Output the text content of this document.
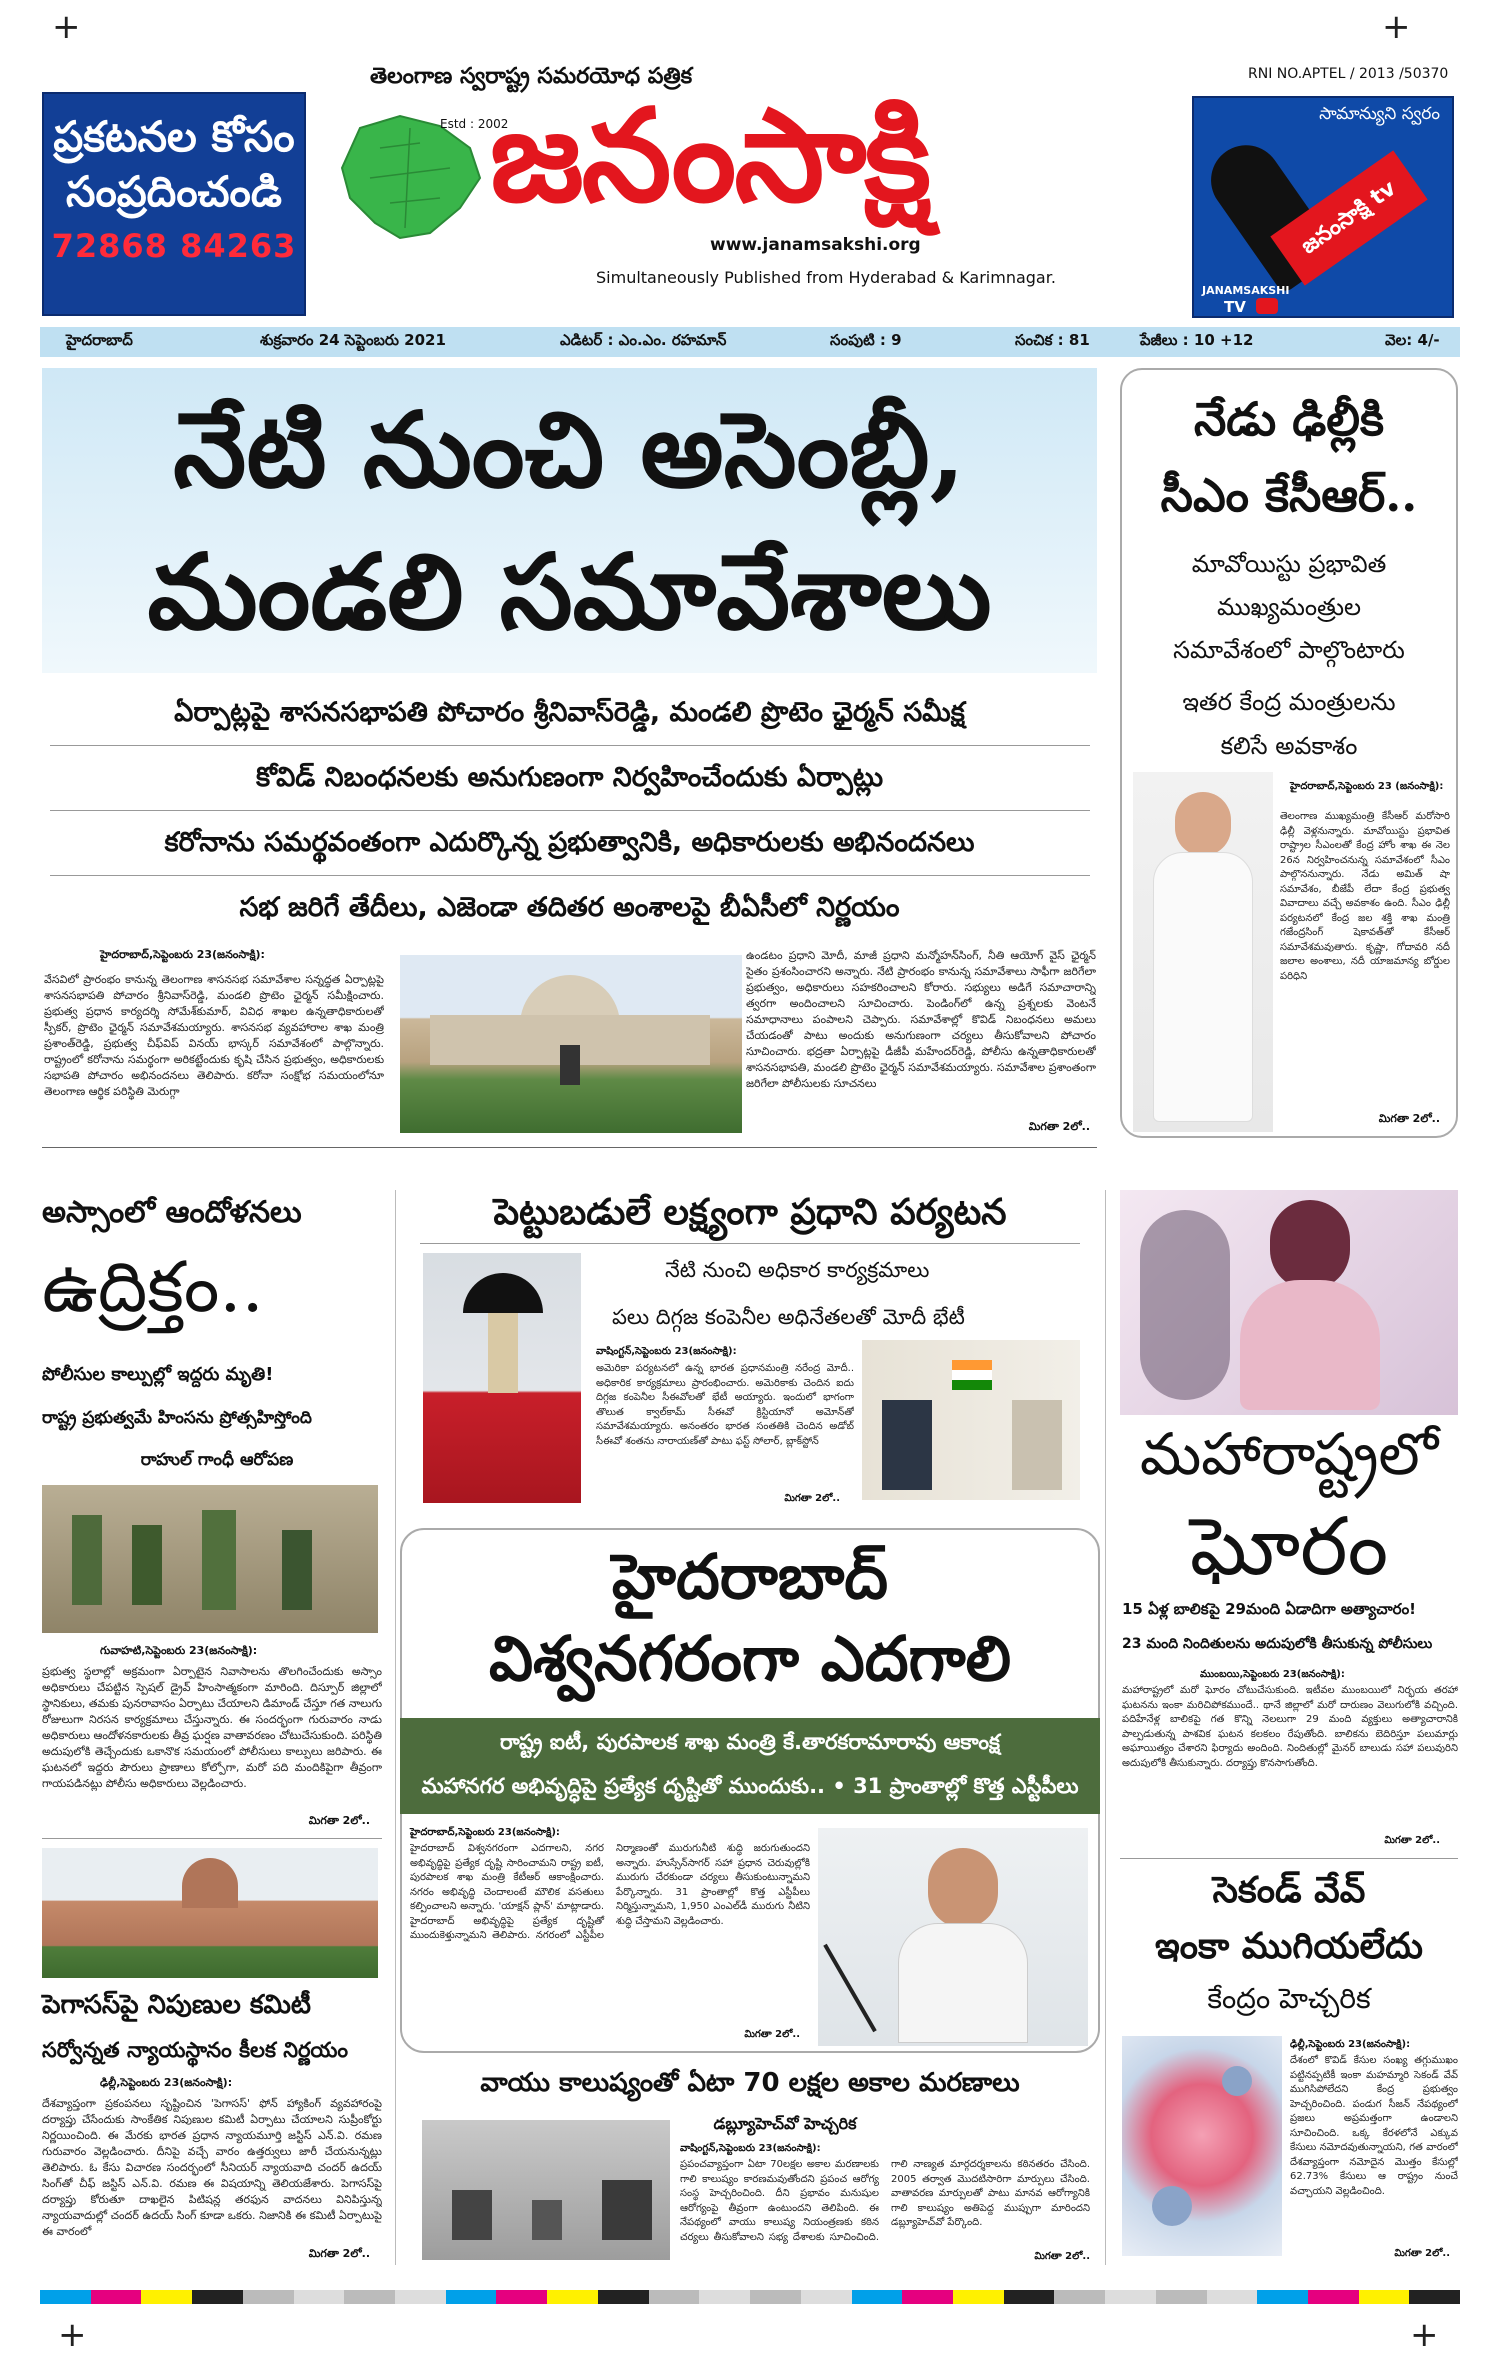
+	+
+	+
ప్రకటనల కోసం
సంప్రదించండి
72868 84263
తెలంగాణ స్వరాష్ట్ర సమరయోధ పత్రిక
Estd : 2002
జనంసాక్షి
www.janamsakshi.org
Simultaneously Published from Hyderabad & Karimnagar.
RNI NO.APTEL / 2013 /50370
సామాన్యుని స్వరం
జనంసాక్షి tv
JANAMSAKSHI
TV
హైదరాబాద్	శుక్రవారం 24 సెప్టెంబరు 2021	ఎడిటర్ : ఎం.ఎం. రహమాన్	సంపుటి : 9	సంచిక : 81	పేజీలు : 10 +12	వెల: 4/-
నేటి నుంచి అసెంబ్లీ,
మండలి సమావేశాలు
ఏర్పాట్లపై శాసనసభాపతి పోచారం శ్రీనివాస్‌రెడ్డి, మండలి ప్రొటెం ఛైర్మన్ సమీక్ష
కోవిడ్ నిబంధనలకు అనుగుణంగా నిర్వహించేందుకు ఏర్పాట్లు
కరోనాను సమర్థవంతంగా ఎదుర్కొన్న ప్రభుత్వానికి, అధికారులకు అభినందనలు
సభ జరిగే తేదీలు, ఎజెండా తదితర అంశాలపై బీఏసీలో నిర్ణయం
హైదరాబాద్,సెప్టెంబరు 23(జనంసాక్షి):
వేసవిలో ప్రారంభం కానున్న తెలంగాణ శాసనసభ సమావేశాల సన్నద్ధత ఏర్పాట్లపై శాసనసభాపతి పోచారం శ్రీనివాస్‌రెడ్డి, మండలి ప్రొటెం ఛైర్మన్ సమీక్షించారు. ప్రభుత్వ ప్రధాన కార్యదర్శి సోమేశ్‌కుమార్, వివిధ శాఖల ఉన్నతాధికారులతో స్పీకర్, ప్రొటెం ఛైర్మన్ సమావేశమయ్యారు. శాసనసభ వ్యవహారాల శాఖ మంత్రి ప్రశాంత్‌రెడ్డి, ప్రభుత్వ చీఫ్‌విప్ వినయ్ భాస్కర్ సమావేశంలో పాల్గొన్నారు. రాష్ట్రంలో కరోనాను సమర్థంగా అరికట్టేందుకు కృషి చేసిన ప్రభుత్వం, అధికారులకు సభాపతి పోచారం అభినందనలు తెలిపారు. కరోనా సంక్షోభ సమయంలోనూ తెలంగాణ ఆర్థిక పరిస్థితి మెరుగ్గా
ఉండటం ప్రధాని మోదీ, మాజీ ప్రధాని మన్మోహన్‌సింగ్, నీతి ఆయోగ్ వైస్ ఛైర్మన్ సైతం ప్రశంసించారని అన్నారు. నేటి ప్రారంభం కానున్న సమావేశాలు సాఫీగా జరిగేలా ప్రభుత్వం, అధికారులు సహకరించాలని కోరారు. సభ్యులు అడిగే సమాచారాన్ని త్వరగా అందించాలని సూచించారు. పెండింగ్‌లో ఉన్న ప్రశ్నలకు వెంటనే సమాధానాలు పంపాలని చెప్పారు. సమావేశాల్లో కొవిడ్ నిబంధనలు అమలు చేయడంతో పాటు అందుకు అనుగుణంగా చర్యలు తీసుకోవాలని పోచారం సూచించారు. భద్రతా ఏర్పాట్లపై డీజీపీ మహేందర్‌రెడ్డి, పోలీసు ఉన్నతాధికారులతో శాసనసభాపతి, మండలి ప్రొటెం ఛైర్మన్ సమావేశమయ్యారు. సమావేశాల ప్రశాంతంగా జరిగేలా పోలీసులకు సూచనలు
మిగతా 2లో..
నేడు ఢిల్లీకి
సీఎం కేసీఆర్..
మావోయిస్టు ప్రభావిత
ముఖ్యమంత్రుల
సమావేశంలో పాల్గొంటారు
ఇతర కేంద్ర మంత్రులను
కలిసే అవకాశం
హైదరాబాద్,సెప్టెంబరు 23 (జనంసాక్షి):
తెలంగాణ ముఖ్యమంత్రి కేసీఆర్ మరోసారి ఢిల్లీ వెళ్లనున్నారు. మావోయిస్టు ప్రభావిత రాష్ట్రాల సీఎంలతో కేంద్ర హోం శాఖ ఈ నెల 26న నిర్వహించనున్న సమావేశంలో సీఎం పాల్గొననున్నారు. నేడు అమిత్ షా సమావేశం, బీజేపీ లేదా కేంద్ర ప్రభుత్వ వివాదాలు వచ్చే అవకాశం ఉంది. సీఎం ఢిల్లీ పర్యటనలో కేంద్ర జల శక్తి శాఖ మంత్రి గజేంద్రసింగ్ షెకావత్‌తో కేసీఆర్ సమావేశమవుతారు. కృష్ణా, గోదావరి నదీ జలాల అంశాలు, నదీ యాజమాన్య బోర్డుల పరిధిని
మిగతా 2లో..
అస్సాంలో ఆందోళనలు
ఉద్రిక్తం..
పోలీసుల కాల్పుల్లో ఇద్దరు మృతి!
రాష్ట్ర ప్రభుత్వమే హింసను ప్రోత్సహిస్తోంది
రాహుల్ గాంధీ ఆరోపణ
గువాహటి,సెప్టెంబరు 23(జనంసాక్షి):
ప్రభుత్వ స్థలాల్లో అక్రమంగా ఏర్పాటైన నివాసాలను తొలగించేందుకు అస్సాం అధికారులు చేపట్టిన స్పెషల్ డ్రైవ్ హింసాత్మకంగా మారింది. దిస్పూర్ జిల్లాలో స్థానికులు, తమకు పునరావాసం ఏర్పాటు చేయాలని డిమాండ్ చేస్తూ గత నాలుగు రోజులుగా నిరసన కార్యక్రమాలు చేస్తున్నారు. ఈ సందర్భంగా గురువారం నాడు అధికారులు ఆందోళనకారులకు తీవ్ర ఘర్షణ వాతావరణం చోటుచేసుకుంది. పరిస్థితి అదుపులోకి తెచ్చేందుకు ఒకానొక సమయంలో పోలీసులు కాల్పులు జరిపారు. ఈ ఘటనలో ఇద్దరు పౌరులు ప్రాణాలు కోల్పోగా, మరో పది మందికిపైగా తీవ్రంగా గాయపడినట్లు పోలీసు అధికారులు వెల్లడించారు.
మిగతా 2లో..
పెగాసస్‌పై నిపుణుల కమిటీ
సర్వోన్నత న్యాయస్థానం కీలక నిర్ణయం
ఢిల్లీ,సెప్టెంబరు 23(జనంసాక్షి):
దేశవ్యాప్తంగా ప్రకంపనలు సృష్టించిన 'పెగాసస్' ఫోన్ హ్యాకింగ్ వ్యవహారంపై దర్యాప్తు చేసేందుకు సాంకేతిక నిపుణుల కమిటీ ఏర్పాటు చేయాలని సుప్రీంకోర్టు నిర్ణయించింది. ఈ మేరకు భారత ప్రధాన న్యాయమూర్తి జస్టిస్ ఎన్.వి. రమణ గురువారం వెల్లడించారు. దీనిపై వచ్చే వారం ఉత్తర్వులు జారీ చేయనున్నట్లు తెలిపారు. ఓ కేసు విచారణ సందర్భంలో సీనియర్ న్యాయవాది చందర్ ఉదయ్ సింగ్‌తో చీఫ్ జస్టిస్ ఎన్.వి. రమణ ఈ విషయాన్ని తెలియజేశారు. పెగాసస్‌పై దర్యాప్తు కోరుతూ దాఖలైన పిటిషన్ల తరఫున వాదనలు వినిపిస్తున్న న్యాయవాదుల్లో చందర్ ఉదయ్ సింగ్ కూడా ఒకరు. నిజానికి ఈ కమిటీ ఏర్పాటుపై ఈ వారంలో
మిగతా 2లో..
పెట్టుబడులే లక్ష్యంగా ప్రధాని పర్యటన
నేటి నుంచి అధికార కార్యక్రమాలు
పలు దిగ్గజ కంపెనీల అధినేతలతో మోదీ భేటీ
వాషింగ్టన్,సెప్టెంబరు 23(జనంసాక్షి):
అమెరికా పర్యటనలో ఉన్న భారత ప్రధానమంత్రి నరేంద్ర మోదీ.. అధికారిక కార్యక్రమాలు ప్రారంభించారు. అమెరికాకు చెందిన ఐదు దిగ్గజ కంపెనీల సీఈవోలతో భేటీ అయ్యారు. ఇందులో భాగంగా తొలుత క్వాల్‌కామ్ సీఈవో క్రిస్టియానో అమోన్‌తో సమావేశమయ్యారు. అనంతరం భారత సంతతికి చెందిన అడోబ్ సీఈవో శంతను నారాయణ్‌తో పాటు ఫస్ట్ సోలార్, బ్లాక్‌స్టోన్
మిగతా 2లో..
హైదరాబాద్
విశ్వనగరంగా ఎదగాలి
రాష్ట్ర ఐటీ, పురపాలక శాఖ మంత్రి కే.తారకరామారావు ఆకాంక్ష
మహానగర అభివృద్ధిపై ప్రత్యేక దృష్టితో ముందుకు.. • 31 ప్రాంతాల్లో కొత్త ఎస్టీపీలు
హైదరాబాద్,సెప్టెంబరు 23(జనంసాక్షి):
హైదరాబాద్ విశ్వనగరంగా ఎదగాలని, నగర అభివృద్ధిపై ప్రత్యేక దృష్టి సారించామని రాష్ట్ర ఐటీ, పురపాలక శాఖ మంత్రి కేటీఆర్ ఆకాంక్షించారు. నగరం అభివృద్ధి చెందాలంటే మౌలిక వసతులు కల్పించాలని అన్నారు. 'యాక్షన్ ప్లాన్' మాట్లాడారు. హైదరాబాద్ అభివృద్ధిపై ప్రత్యేక దృష్టితో ముందుకెళ్తున్నామని తెలిపారు. నగరంలో ఎస్టీపీల నిర్మాణంతో మురుగునీటి శుద్ధి జరుగుతుందని అన్నారు. హుస్సేన్‌సాగర్ సహా ప్రధాన చెరువుల్లోకి మురుగు చేరకుండా చర్యలు తీసుకుంటున్నామని పేర్కొన్నారు. 31 ప్రాంతాల్లో కొత్త ఎస్టీపీలు నిర్మిస్తున్నామని, 1,950 ఎంఎల్‌డీ మురుగు నీటిని శుద్ధి చేస్తామని వెల్లడించారు.
మిగతా 2లో..
వాయు కాలుష్యంతో ఏటా 70 లక్షల అకాల మరణాలు
డబ్ల్యూహెచ్‌వో హెచ్చరిక
వాషింగ్టన్,సెప్టెంబరు 23(జనంసాక్షి):
ప్రపంచవ్యాప్తంగా ఏటా 70లక్షల అకాల మరణాలకు గాలి కాలుష్యం కారణమవుతోందని ప్రపంచ ఆరోగ్య సంస్థ హెచ్చరించింది. దీని ప్రభావం మనుషుల ఆరోగ్యంపై తీవ్రంగా ఉంటుందని తెలిపింది. ఈ నేపథ్యంలో వాయు కాలుష్య నియంత్రణకు కఠిన చర్యలు తీసుకోవాలని సభ్య దేశాలకు సూచించింది. గాలి నాణ్యత మార్గదర్శకాలను కఠినతరం చేసింది. 2005 తర్వాత మొదటిసారిగా మార్పులు చేసింది. వాతావరణ మార్పులతో పాటు మానవ ఆరోగ్యానికి గాలి కాలుష్యం అతిపెద్ద ముప్పుగా మారిందని డబ్ల్యూహెచ్‌వో పేర్కొంది.
మిగతా 2లో..
మహారాష్ట్రలో
ఘోరం
15 ఏళ్ల బాలికపై 29మంది ఏడాదిగా అత్యాచారం!
23 మంది నిందితులను అదుపులోకి తీసుకున్న పోలీసులు
ముంబయి,సెప్టెంబరు 23(జనంసాక్షి):
మహారాష్ట్రలో మరో ఘోరం చోటుచేసుకుంది. ఇటీవల ముంబయిలో నిర్భయ తరహా ఘటనను ఇంకా మరిచిపోకముందే.. థానే జిల్లాలో మరో దారుణం వెలుగులోకి వచ్చింది. పదిహేనేళ్ల బాలికపై గత కొన్ని నెలలుగా 29 మంది వ్యక్తులు అత్యాచారానికి పాల్పడుతున్న పాశవిక ఘటన కలకలం రేపుతోంది. బాలికను బెదిరిస్తూ పలుమార్లు అఘాయిత్యం చేశారని ఫిర్యాదు అందింది. నిందితుల్లో మైనర్ బాలుడు సహా పలువురిని అదుపులోకి తీసుకున్నారు. దర్యాప్తు కొనసాగుతోంది.
మిగతా 2లో..
సెకండ్ వేవ్
ఇంకా ముగియలేదు
కేంద్రం హెచ్చరిక
ఢిల్లీ,సెప్టెంబరు 23(జనంసాక్షి):
దేశంలో కొవిడ్ కేసుల సంఖ్య తగ్గుముఖం పట్టినప్పటికీ ఇంకా మహమ్మారి సెకండ్ వేవ్ ముగిసిపోలేదని కేంద్ర ప్రభుత్వం హెచ్చరించింది. పండుగ సీజన్ నేపథ్యంలో ప్రజలు అప్రమత్తంగా ఉండాలని సూచించింది. ఒక్క కేరళలోనే ఎక్కువ కేసులు నమోదవుతున్నాయని, గత వారంలో దేశవ్యాప్తంగా నమోదైన మొత్తం కేసుల్లో 62.73% కేసులు ఆ రాష్ట్రం నుంచే వచ్చాయని వెల్లడించింది.
మిగతా 2లో..
